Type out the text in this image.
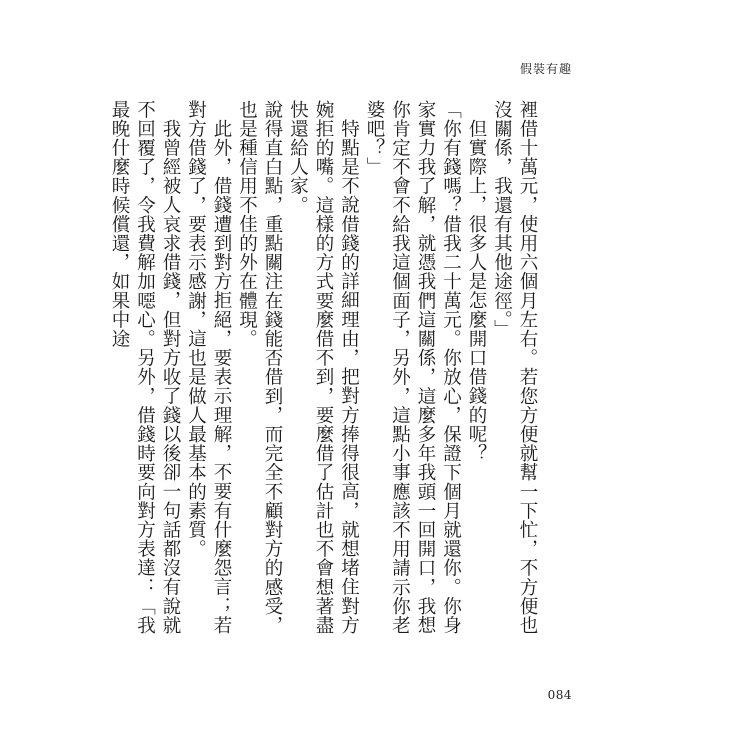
假裝有趣

裡借十萬元，使用六個月左右。若您方便就幫一下忙，不方便也沒關係，我還有其他途徑。」

但實際上，很多人是怎麼開口借錢的呢？

「你有錢嗎？借我二十萬元。你放心，保證下個月就還你。你身家實力我了解，就憑我們這關係，這麼多年我頭一回開口，我想你肯定不會不給我這個面子，另外，這點小事應該不用請示你老婆吧？」

特點是不說借錢的詳細理由，把對方捧得很高，就想堵住對方婉拒的嘴。這樣的方式要麼借不到，要麼借了估計也不會想著盡快還給人家。

說得直白點，重點關注在錢能否借到，而完全不顧對方的感受，也是種信用不佳的外在體現。

此外，借錢遭到對方拒絕，要表示理解，不要有什麼怨言；若對方借錢了，要表示感謝，這也是做人最基本的素質。

我曾經被人哀求借錢，但對方收了錢以後卻一句話都沒有說就不回覆了，令我費解加噁心。另外，借錢時要向對方表達：「我最晚什麼時候償還，如果中途

084
